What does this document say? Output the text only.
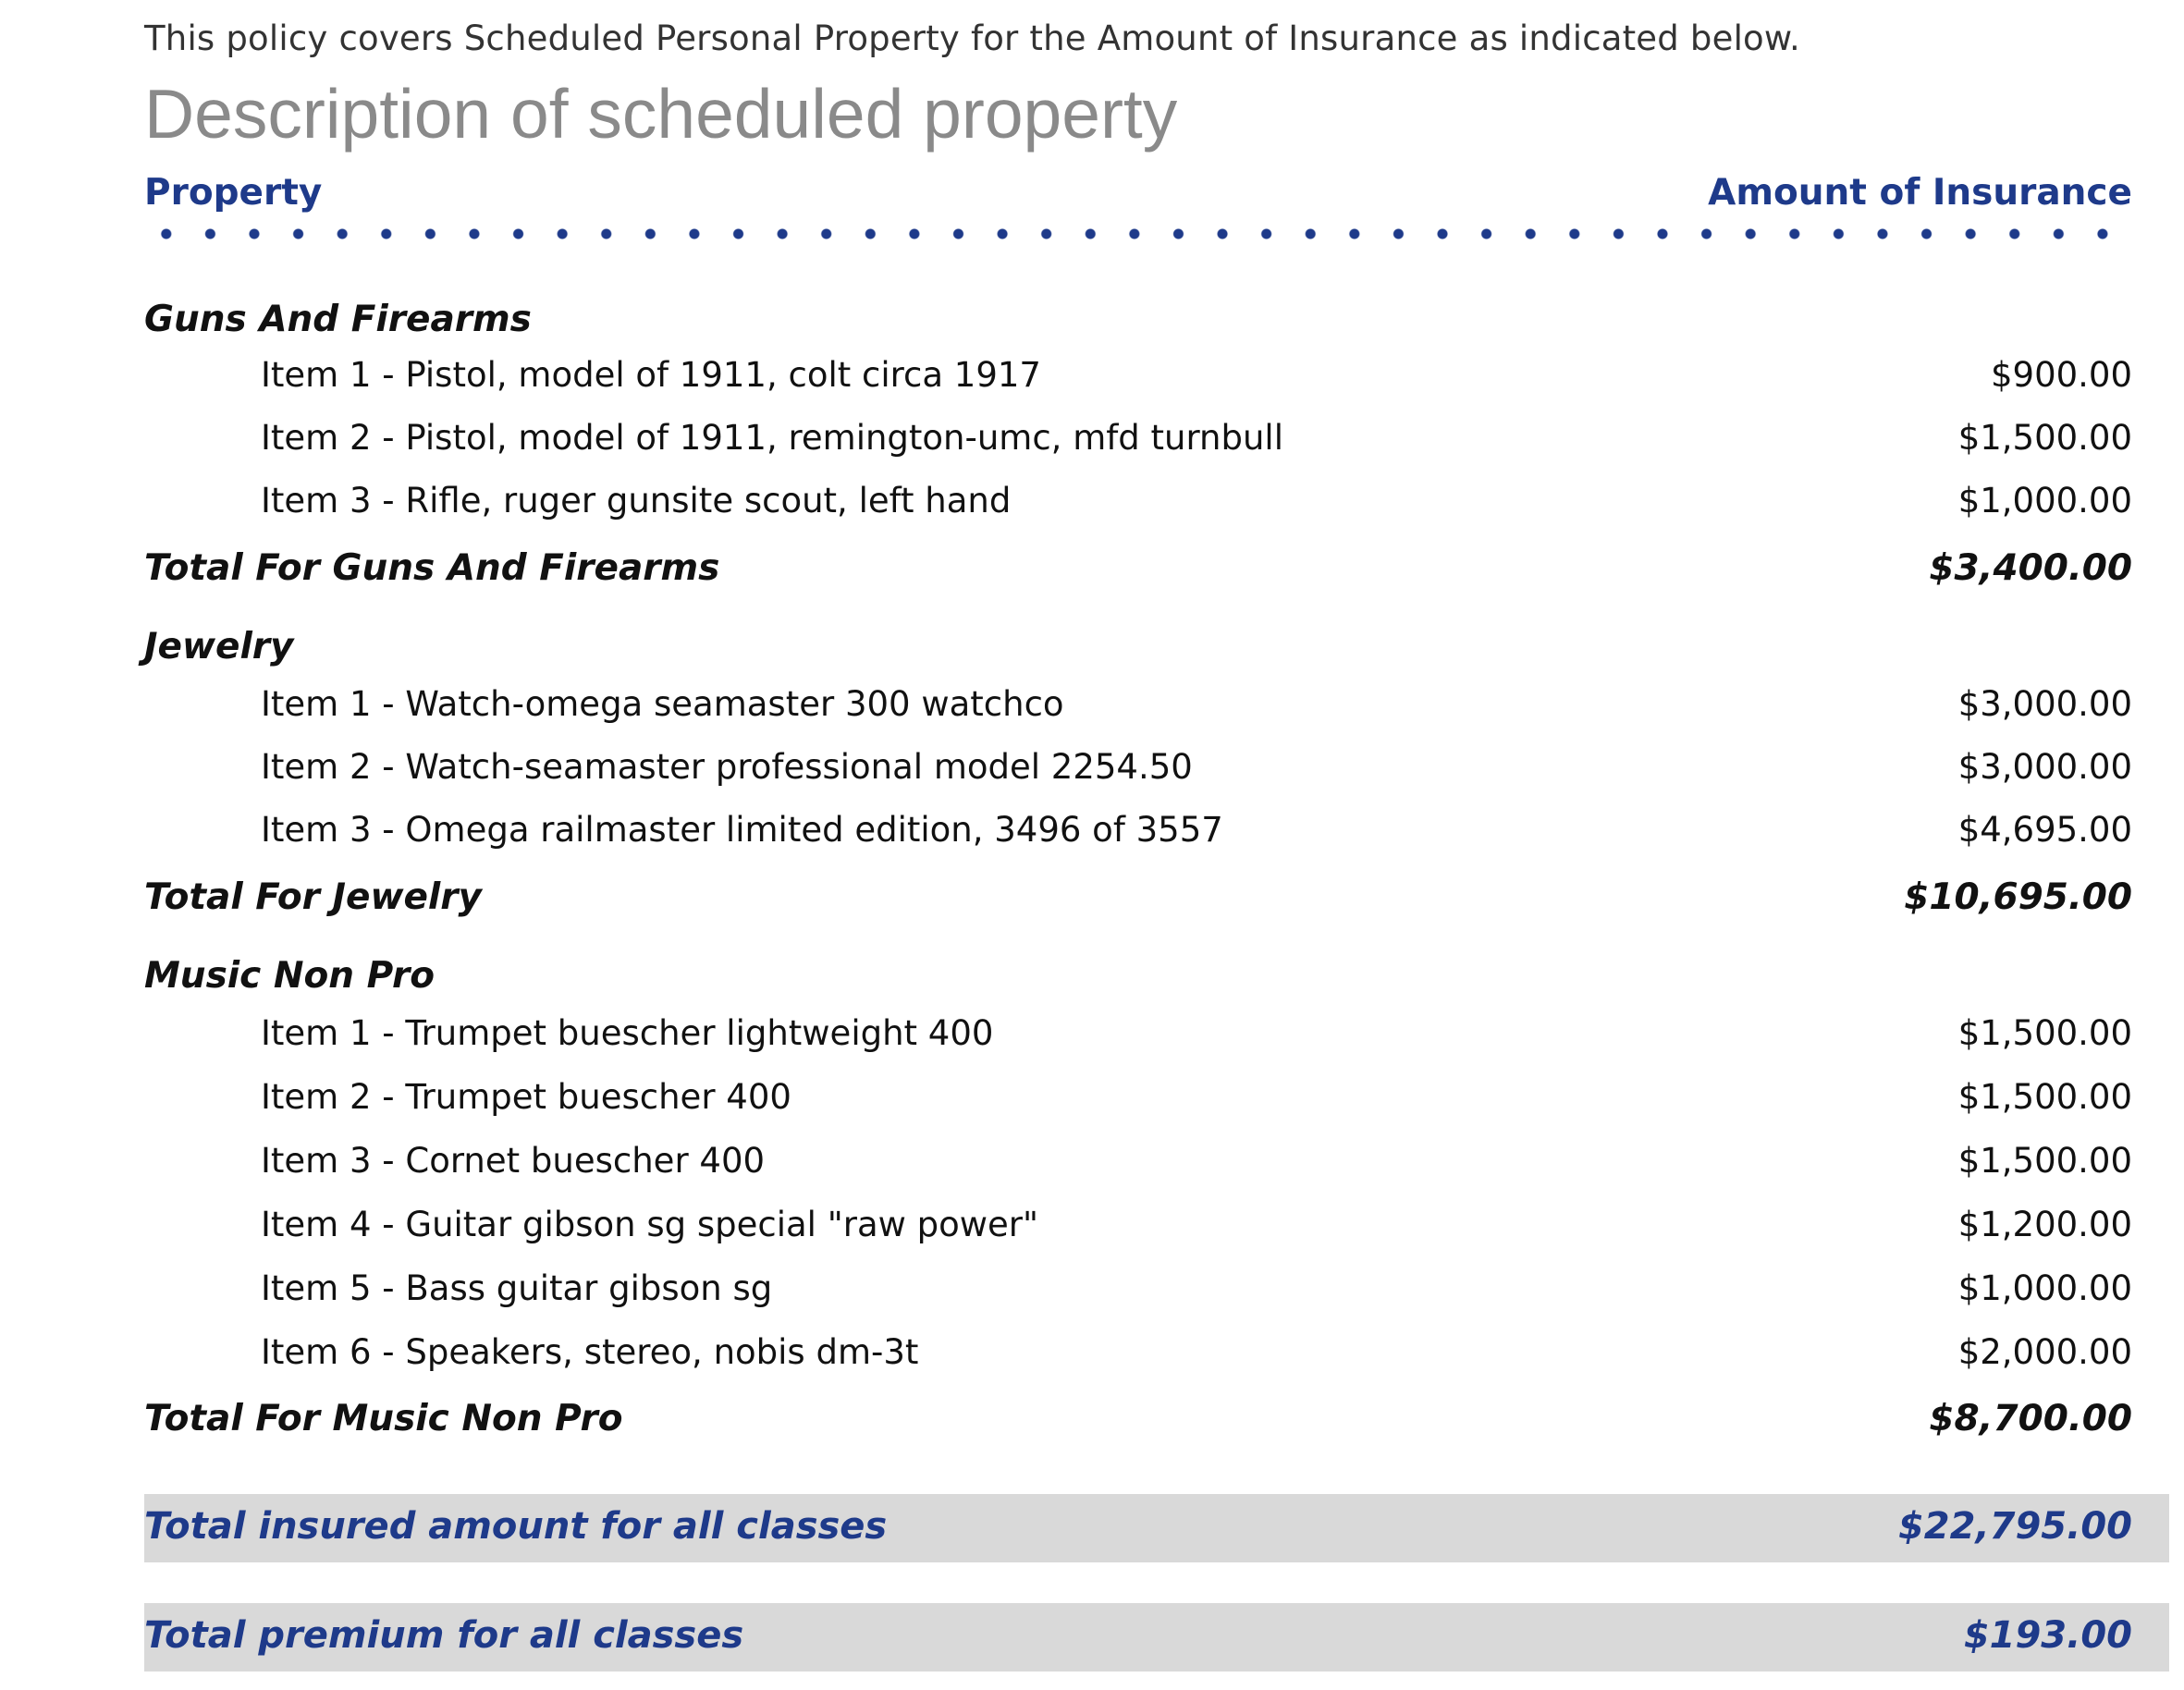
This policy covers Scheduled Personal Property for the Amount of Insurance as indicated below.
Description of scheduled property
Property	Amount of Insurance
Guns And Firearms
Item 1 - Pistol, model of 1911, colt circa 1917	$900.00
Item 2 - Pistol, model of 1911, remington-umc, mfd turnbull	$1,500.00
Item 3 - Rifle, ruger gunsite scout, left hand	$1,000.00
Total For Guns And Firearms	$3,400.00
Jewelry
Item 1 - Watch-omega seamaster 300 watchco	$3,000.00
Item 2 - Watch-seamaster professional model 2254.50	$3,000.00
Item 3 - Omega railmaster limited edition, 3496 of 3557	$4,695.00
Total For Jewelry	$10,695.00
Music Non Pro
Item 1 - Trumpet buescher lightweight 400	$1,500.00
Item 2 - Trumpet buescher 400	$1,500.00
Item 3 - Cornet buescher 400	$1,500.00
Item 4 - Guitar gibson sg special "raw power"	$1,200.00
Item 5 - Bass guitar gibson sg	$1,000.00
Item 6 - Speakers, stereo, nobis dm-3t	$2,000.00
Total For Music Non Pro	$8,700.00
Total insured amount for all classes	$22,795.00
Total premium for all classes	$193.00
